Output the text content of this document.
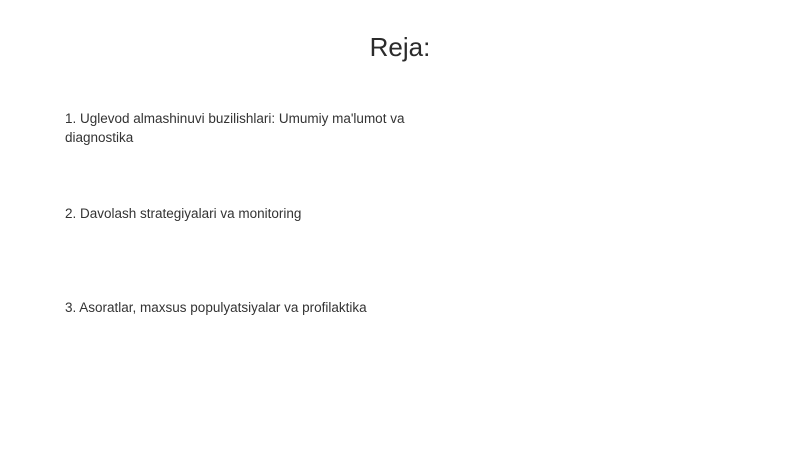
Reja:
1. Uglevod almashinuvi buzilishlari: Umumiy ma'lumot va diagnostika
2. Davolash strategiyalari va monitoring
3. Asoratlar, maxsus populyatsiyalar va profilaktika
